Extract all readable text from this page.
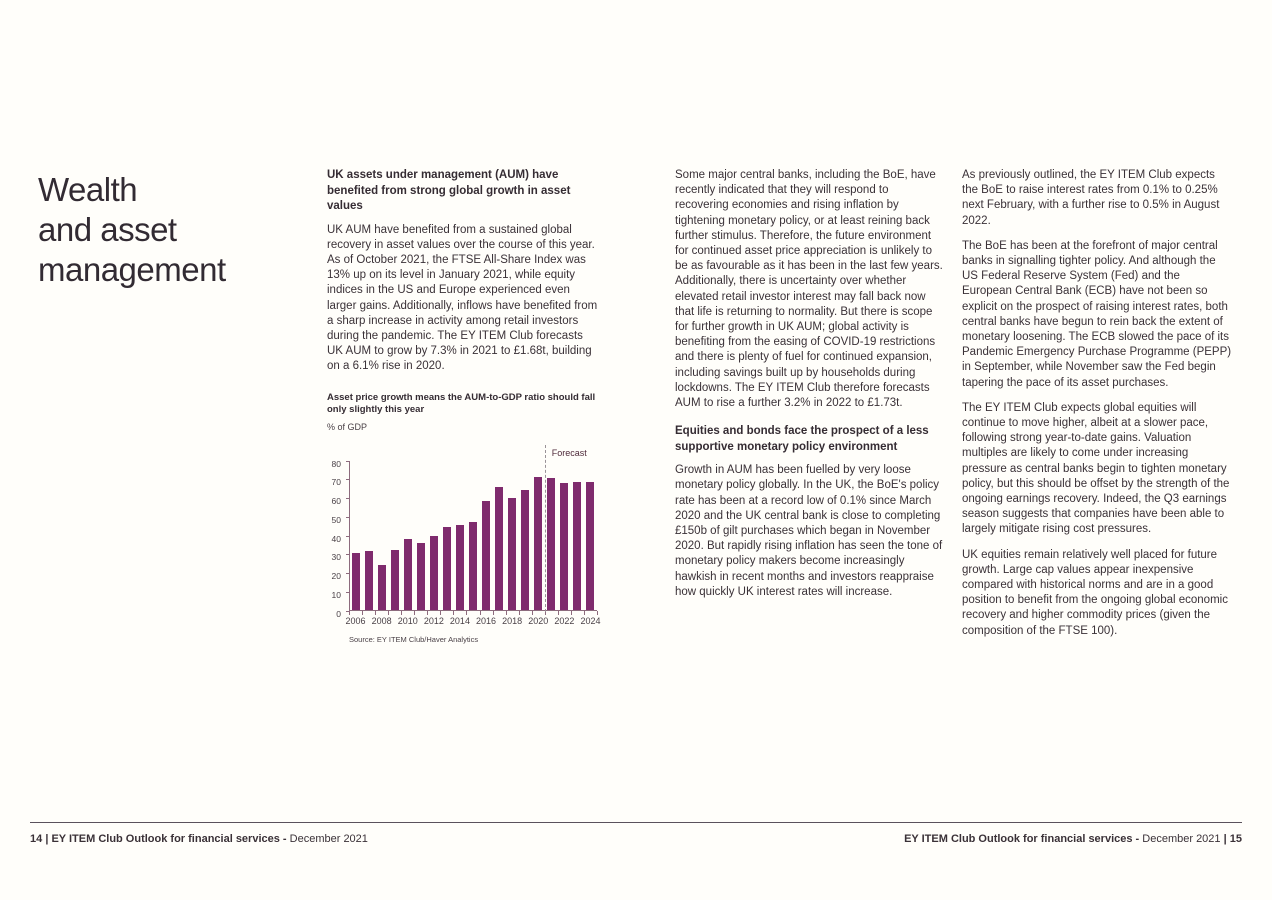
Wealth
and asset
management
UK assets under management (AUM) have benefited from strong global growth in asset values

UK AUM have benefited from a sustained global recovery in asset values over the course of this year. As of October 2021, the FTSE All-Share Index was 13% up on its level in January 2021, while equity indices in the US and Europe experienced even larger gains. Additionally, inflows have benefited from a sharp increase in activity among retail investors during the pandemic. The EY ITEM Club forecasts UK AUM to grow by 7.3% in 2021 to £1.68t, building on a 6.1% rise in 2020.

Asset price growth means the AUM-to-GDP ratio should fall only slightly this year
% of GDP
80
70
60
50
40
30
20
10
0
Forecast
2006 2008 2010 2012 2014 2016 2018 2020 2022 2024
Source: EY ITEM Club/Haver Analytics

Some major central banks, including the BoE, have recently indicated that they will respond to recovering economies and rising inflation by tightening monetary policy, or at least reining back further stimulus. Therefore, the future environment for continued asset price appreciation is unlikely to be as favourable as it has been in the last few years. Additionally, there is uncertainty over whether elevated retail investor interest may fall back now that life is returning to normality. But there is scope for further growth in UK AUM; global activity is benefiting from the easing of COVID-19 restrictions and there is plenty of fuel for continued expansion, including savings built up by households during lockdowns. The EY ITEM Club therefore forecasts AUM to rise a further 3.2% in 2022 to £1.73t.

Equities and bonds face the prospect of a less supportive monetary policy environment

Growth in AUM has been fuelled by very loose monetary policy globally. In the UK, the BoE's policy rate has been at a record low of 0.1% since March 2020 and the UK central bank is close to completing £150b of gilt purchases which began in November 2020. But rapidly rising inflation has seen the tone of monetary policy makers become increasingly hawkish in recent months and investors reappraise how quickly UK interest rates will increase.

As previously outlined, the EY ITEM Club expects the BoE to raise interest rates from 0.1% to 0.25% next February, with a further rise to 0.5% in August 2022.

The BoE has been at the forefront of major central banks in signalling tighter policy. And although the US Federal Reserve System (Fed) and the European Central Bank (ECB) have not been so explicit on the prospect of raising interest rates, both central banks have begun to rein back the extent of monetary loosening. The ECB slowed the pace of its Pandemic Emergency Purchase Programme (PEPP) in September, while November saw the Fed begin tapering the pace of its asset purchases.

The EY ITEM Club expects global equities will continue to move higher, albeit at a slower pace, following strong year-to-date gains. Valuation multiples are likely to come under increasing pressure as central banks begin to tighten monetary policy, but this should be offset by the strength of the ongoing earnings recovery. Indeed, the Q3 earnings season suggests that companies have been able to largely mitigate rising cost pressures.

UK equities remain relatively well placed for future growth. Large cap values appear inexpensive compared with historical norms and are in a good position to benefit from the ongoing global economic recovery and higher commodity prices (given the composition of the FTSE 100).

14 | EY ITEM Club Outlook for financial services - December 2021	EY ITEM Club Outlook for financial services - December 2021 | 15
